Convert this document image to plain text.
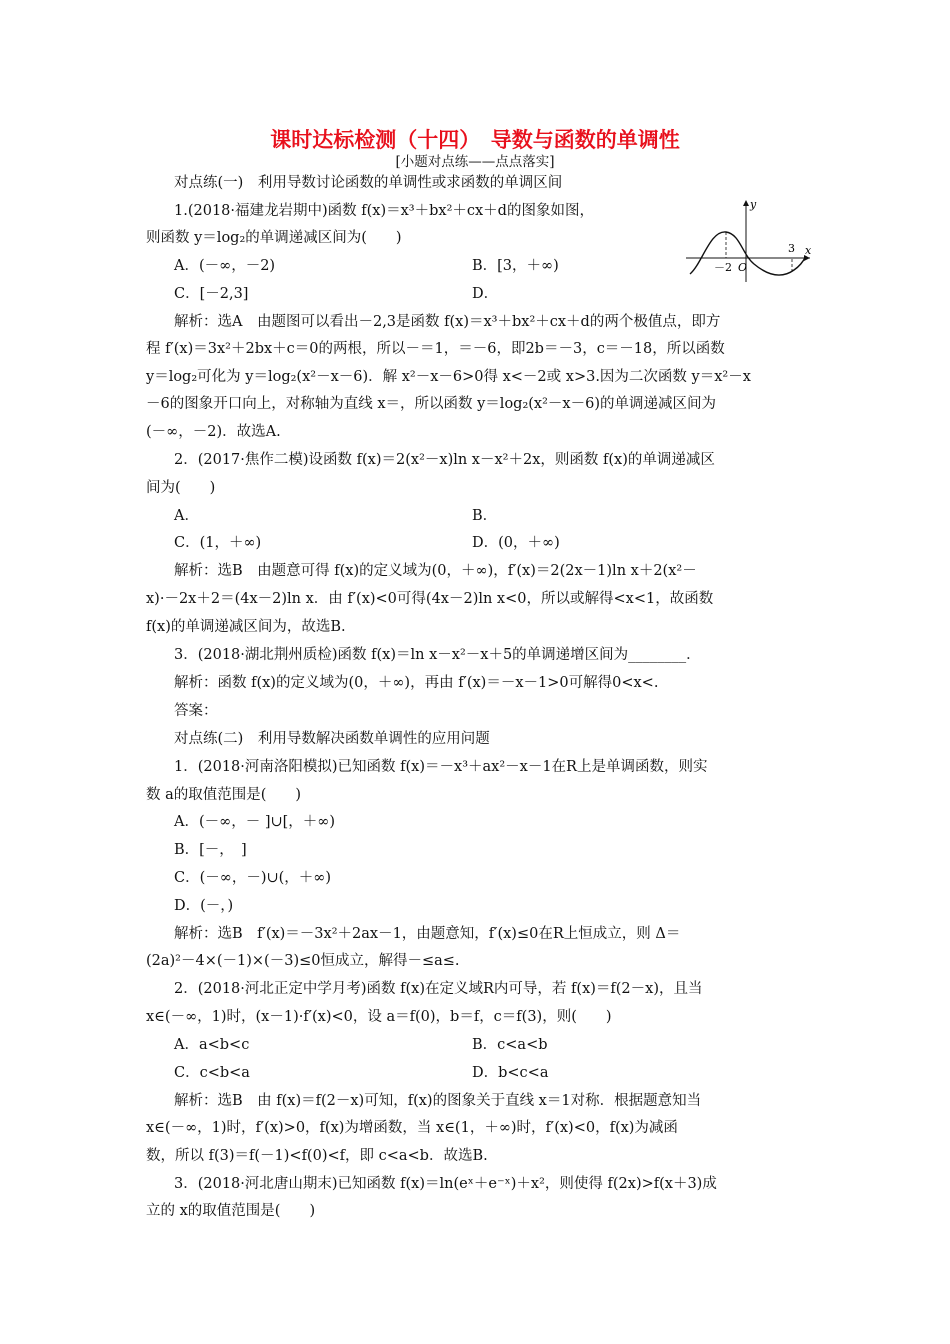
课时达标检测（十四）　导数与函数的单调性
[小题对点练——点点落实]
对点练(一)　利用导数讨论函数的单调性或求函数的单调区间
1.(2018·福建龙岩期中)函数 f(x)＝x³＋bx²＋cx＋d的图象如图，
则函数 y＝log₂的单调递减区间为(　　)
A．(－∞，－2)	B．[3，＋∞)
C．[－2,3]	D．
x
y
O
－2
3
解析：选A　由题图可以看出－2,3是函数 f(x)＝x³＋bx²＋cx＋d的两个极值点，即方
程 f′(x)＝3x²＋2bx＋c＝0的两根，所以－＝1，＝－6，即2b＝－3，c＝－18，所以函数
y＝log₂可化为 y＝log₂(x²－x－6)．解 x²－x－6>0得 x<－2或 x>3.因为二次函数 y＝x²－x
－6的图象开口向上，对称轴为直线 x＝，所以函数 y＝log₂(x²－x－6)的单调递减区间为
(－∞，－2)．故选A.
2．(2017·焦作二模)设函数 f(x)＝2(x²－x)ln x－x²＋2x，则函数 f(x)的单调递减区
间为(　　)
A．	B．
C．(1，＋∞)	D．(0，＋∞)
解析：选B　由题意可得 f(x)的定义域为(0，＋∞)，f′(x)＝2(2x－1)ln x＋2(x²－
x)·－2x＋2＝(4x－2)ln x．由 f′(x)<0可得(4x－2)ln x<0，所以或解得<x<1，故函数
f(x)的单调递减区间为，故选B.
3．(2018·湖北荆州质检)函数 f(x)＝ln x－x²－x＋5的单调递增区间为________．
解析：函数 f(x)的定义域为(0，＋∞)，再由 f′(x)＝－x－1>0可解得0<x<.
答案：
对点练(二)　利用导数解决函数单调性的应用问题
1．(2018·河南洛阳模拟)已知函数 f(x)＝－x³＋ax²－x－1在R上是单调函数，则实
数 a的取值范围是(　　)
A．(－∞，－ ]∪[，＋∞)
B．[－，　]
C．(－∞，－)∪(，＋∞)
D．(－，)
解析：选B　f′(x)＝－3x²＋2ax－1，由题意知，f′(x)≤0在R上恒成立，则 Δ＝
(2a)²－4×(－1)×(－3)≤0恒成立，解得－≤a≤.
2．(2018·河北正定中学月考)函数 f(x)在定义域R内可导，若 f(x)＝f(2－x)，且当
x∈(－∞，1)时，(x－1)·f′(x)<0，设 a＝f(0)，b＝f，c＝f(3)，则(　　)
A．a<b<c	B．c<a<b
C．c<b<a	D．b<c<a
解析：选B　由 f(x)＝f(2－x)可知，f(x)的图象关于直线 x＝1对称．根据题意知当
x∈(－∞，1)时，f′(x)>0，f(x)为增函数，当 x∈(1，＋∞)时，f′(x)<0，f(x)为减函
数，所以 f(3)＝f(－1)<f(0)<f，即 c<a<b．故选B.
3．(2018·河北唐山期末)已知函数 f(x)＝ln(eˣ＋e⁻ˣ)＋x²，则使得 f(2x)>f(x＋3)成
立的 x的取值范围是(　　)
